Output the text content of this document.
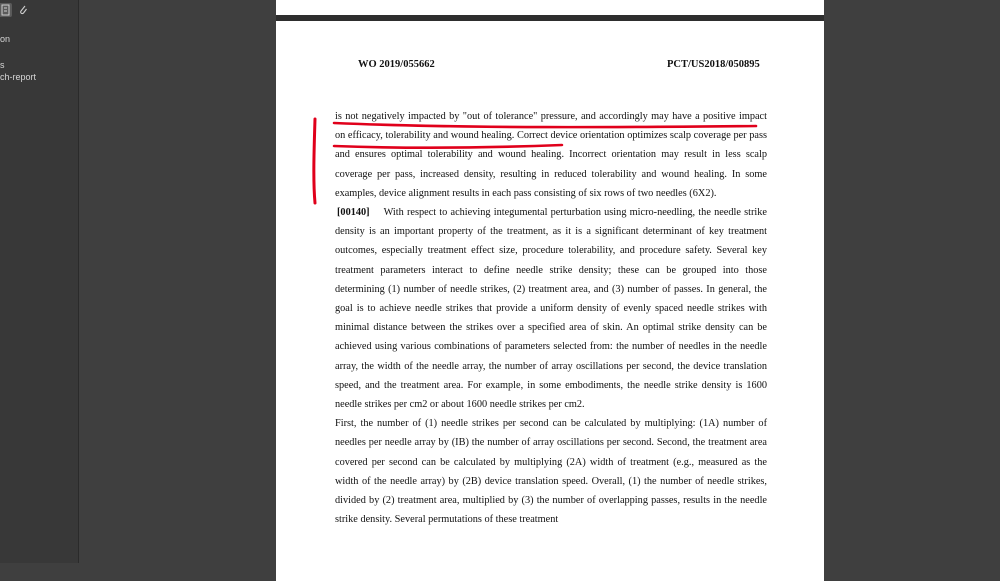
on
s
ch-report
WO 2019/055662	PCT/US2018/050895

is not negatively impacted by "out of tolerance" pressure, and accordingly may have a positive impact on efficacy, tolerability and wound healing. Correct device orientation optimizes scalp coverage per pass and ensures optimal tolerability and wound healing. Incorrect orientation may result in less scalp coverage per pass, increased density, resulting in reduced tolerability and wound healing. In some examples, device alignment results in each pass consisting of six rows of two needles (6X2).

[00140] With respect to achieving integumental perturbation using micro-needling, the needle strike density is an important property of the treatment, as it is a significant determinant of key treatment outcomes, especially treatment effect size, procedure tolerability, and procedure safety. Several key treatment parameters interact to define needle strike density; these can be grouped into those determining (1) number of needle strikes, (2) treatment area, and (3) number of passes. In general, the goal is to achieve needle strikes that provide a uniform density of evenly spaced needle strikes with minimal distance between the strikes over a specified area of skin. An optimal strike density can be achieved using various combinations of parameters selected from: the number of needles in the needle array, the width of the needle array, the number of array oscillations per second, the device translation speed, and the treatment area. For example, in some embodiments, the needle strike density is 1600 needle strikes per cm2 or about 1600 needle strikes per cm2.

First, the number of (1) needle strikes per second can be calculated by multiplying: (1A) number of needles per needle array by (IB) the number of array oscillations per second. Second, the treatment area covered per second can be calculated by multiplying (2A) width of treatment (e.g., measured as the width of the needle array) by (2B) device translation speed. Overall, (1) the number of needle strikes, divided by (2) treatment area, multiplied by (3) the number of overlapping passes, results in the needle strike density. Several permutations of these treatment
